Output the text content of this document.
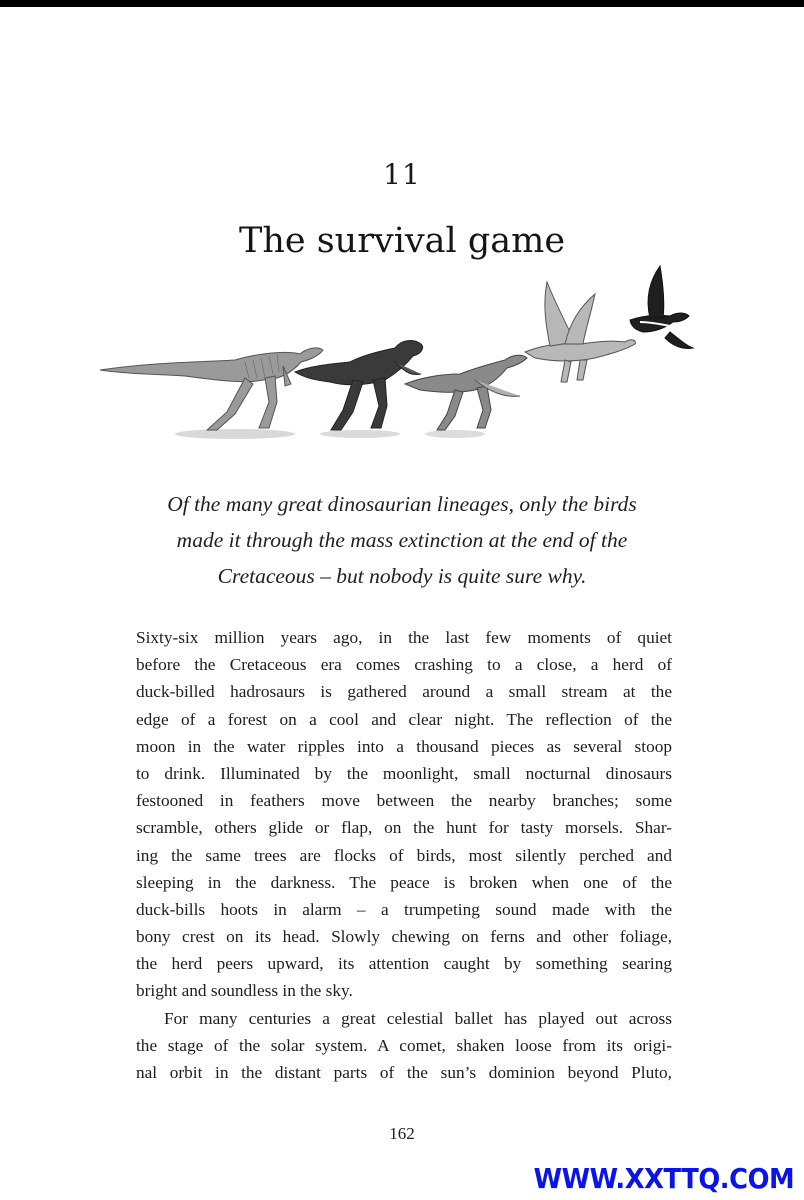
11
The survival game
Of the many great dinosaurian lineages, only the birds
made it through the mass extinction at the end of the
Cretaceous – but nobody is quite sure why.
Sixty-six million years ago, in the last few moments of quiet
before the Cretaceous era comes crashing to a close, a herd of
duck-billed hadrosaurs is gathered around a small stream at the
edge of a forest on a cool and clear night. The reflection of the
moon in the water ripples into a thousand pieces as several stoop
to drink. Illuminated by the moonlight, small nocturnal dinosaurs
festooned in feathers move between the nearby branches; some
scramble, others glide or flap, on the hunt for tasty morsels. Shar-
ing the same trees are flocks of birds, most silently perched and
sleeping in the darkness. The peace is broken when one of the
duck-bills hoots in alarm – a trumpeting sound made with the
bony crest on its head. Slowly chewing on ferns and other foliage,
the herd peers upward, its attention caught by something searing
bright and soundless in the sky.
For many centuries a great celestial ballet has played out across
the stage of the solar system. A comet, shaken loose from its origi-
nal orbit in the distant parts of the sun’s dominion beyond Pluto,
162
WWW.XXTTQ.COM
